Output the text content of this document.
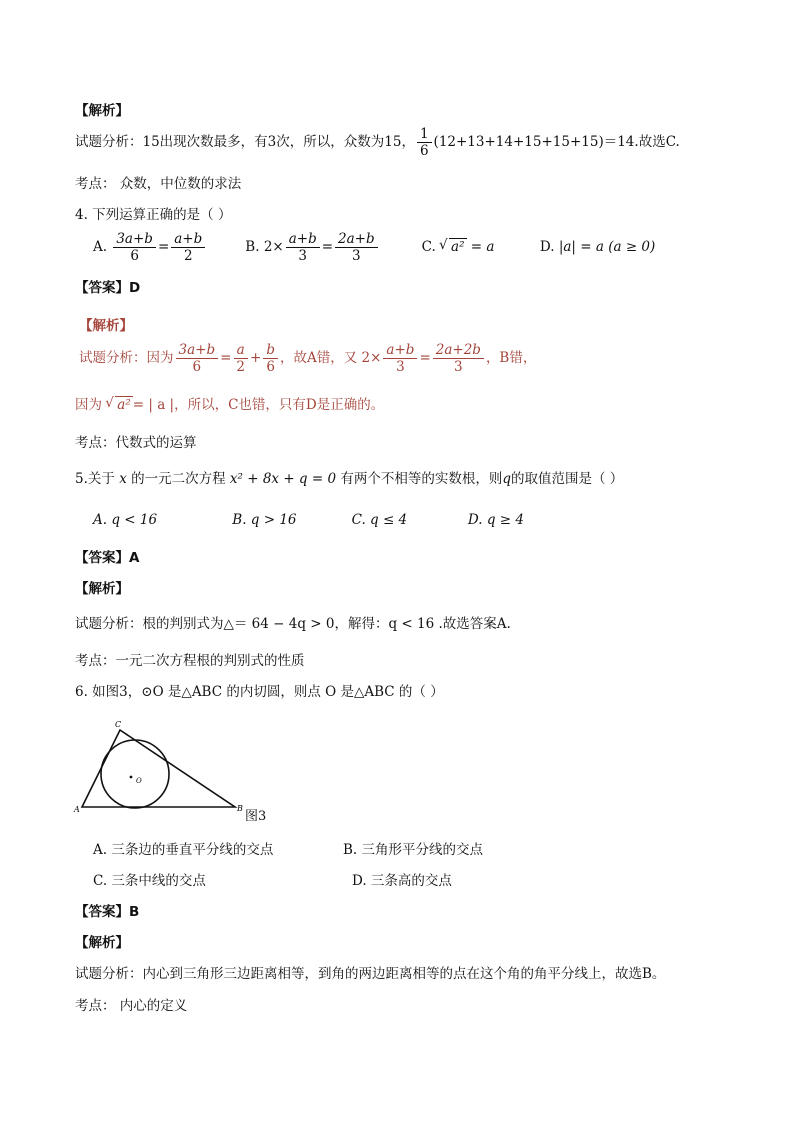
【解析】
试题分析：15出现次数最多，有3次，所以，众数为15， $\frac{1}{6} (12+13+14+15+15+15)=14$.故选C.
考点： 众数，中位数的求法
4. 下列运算正确的是（ ）
A. $\frac{3a+b}{6} = \frac{a+b}{2}$	B. $2\times \frac{a+b}{3} = \frac{2a+b}{3}$	C. √ a² = a	D. |a| = a (a ≥ 0)
【答案】D
【解析】
试题分析：因为 $\frac{3a+b}{6} = \frac{a}{2} + \frac{b}{6}$ ，故A错，又 $2\times \frac{a+b}{3} = \frac{2a+2b}{3}$ ，B错，
因为 √ a² = | a |，所以，C也错，只有D是正确的。
考点：代数式的运算
5.关于 x 的一元二次方程 x² + 8x + q = 0 有两个不相等的实数根，则q的取值范围是（ ）
A. q < 16	B. q > 16	C. q ≤ 4	D. q ≥ 4
【答案】A
【解析】
试题分析：根的判别式为△＝ 64 − 4q > 0，解得：q < 16 .故选答案A.
考点：一元二次方程根的判别式的性质
6. 如图3，⊙O 是△ABC 的内切圆，则点 O 是△ABC 的（ ）
C
A	B
O
图3
A. 三条边的垂直平分线的交点	B. 三角形平分线的交点
C. 三条中线的交点	D. 三条高的交点
【答案】B
【解析】
试题分析：内心到三角形三边距离相等，到角的两边距离相等的点在这个角的角平分线上，故选B。
考点： 内心的定义
